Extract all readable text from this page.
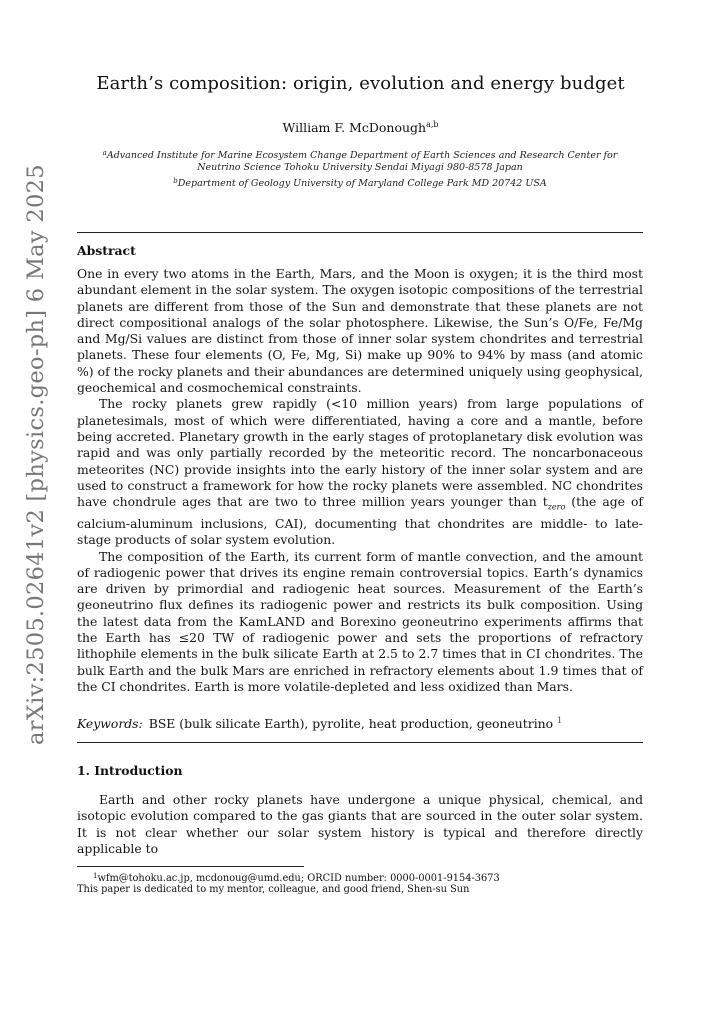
arXiv:2505.02641v2 [physics.geo-ph] 6 May 2025
Earth’s composition: origin, evolution and energy budget
William F. McDonough$^{a,b}$
$^a$Advanced Institute for Marine Ecosystem Change Department of Earth Sciences and Research Center for
Neutrino Science Tohoku University Sendai Miyagi 980-8578 Japan
$^b$Department of Geology University of Maryland College Park MD 20742 USA
Abstract

One in every two atoms in the Earth, Mars, and the Moon is oxygen; it is the third most abundant element in the solar system. The oxygen isotopic compositions of the terrestrial planets are different from those of the Sun and demonstrate that these planets are not direct compositional analogs of the solar photosphere. Likewise, the Sun’s O/Fe, Fe/Mg and Mg/Si values are distinct from those of inner solar system chondrites and terrestrial planets. These four elements (O, Fe, Mg, Si) make up 90% to 94% by mass (and atomic %) of the rocky planets and their abundances are determined uniquely using geophysical, geochemical and cosmochemical constraints.

The rocky planets grew rapidly (<10 million years) from large populations of planetesimals, most of which were differentiated, having a core and a mantle, before being accreted. Planetary growth in the early stages of protoplanetary disk evolution was rapid and was only partially recorded by the meteoritic record. The noncarbonaceous meteorites (NC) provide insights into the early history of the inner solar system and are used to construct a framework for how the rocky planets were assembled. NC chondrites have chondrule ages that are two to three million years younger than $t_{zero}$ (the age of calcium-aluminum inclusions, CAI), documenting that chondrites are middle- to late-stage products of solar system evolution.

The composition of the Earth, its current form of mantle convection, and the amount of radiogenic power that drives its engine remain controversial topics. Earth’s dynamics are driven by primordial and radiogenic heat sources. Measurement of the Earth’s geoneutrino flux defines its radiogenic power and restricts its bulk composition. Using the latest data from the KamLAND and Borexino geoneutrino experiments affirms that the Earth has ≤20 TW of radiogenic power and sets the proportions of refractory lithophile elements in the bulk silicate Earth at 2.5 to 2.7 times that in CI chondrites. The bulk Earth and the bulk Mars are enriched in refractory elements about 1.9 times that of the CI chondrites. Earth is more volatile-depleted and less oxidized than Mars.

Keywords: BSE (bulk silicate Earth), pyrolite, heat production, geoneutrino $^1$
1. Introduction

Earth and other rocky planets have undergone a unique physical, chemical, and isotopic evolution compared to the gas giants that are sourced in the outer solar system. It is not clear whether our solar system history is typical and therefore directly applicable to

$^1$wfm@tohoku.ac.jp, mcdonoug@umd.edu; ORCID number: 0000-0001-9154-3673
This paper is dedicated to my mentor, colleague, and good friend, Shen-su Sun
